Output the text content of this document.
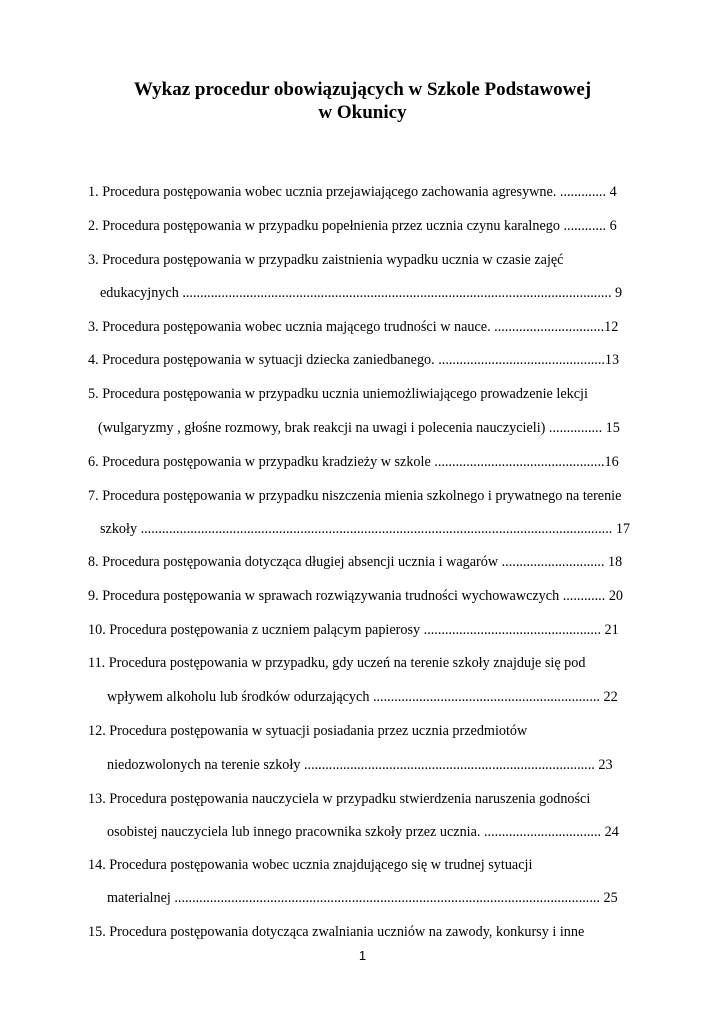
Wykaz procedur obowiązujących w Szkole Podstawowej
w Okunicy
1. Procedura postępowania wobec ucznia przejawiającego zachowania agresywne. ............. 4
2. Procedura postępowania w przypadku popełnienia przez ucznia czynu karalnego ............ 6
3. Procedura postępowania w przypadku zaistnienia wypadku ucznia w czasie zajęć
edukacyjnych ......................................................................................................................... 9
3. Procedura postępowania wobec ucznia mającego trudności w nauce. ...............................12
4. Procedura postępowania w sytuacji dziecka zaniedbanego. ...............................................13
5. Procedura postępowania w przypadku ucznia uniemożliwiającego prowadzenie lekcji
(wulgaryzmy , głośne rozmowy, brak reakcji na uwagi i polecenia nauczycieli) ............... 15
6. Procedura postępowania w przypadku kradzieży w szkole ................................................16
7. Procedura postępowania w przypadku niszczenia mienia szkolnego i prywatnego na terenie
szkoły ..................................................................................................................................... 17
8. Procedura postępowania dotycząca długiej absencji ucznia i wagarów ............................. 18
9. Procedura postępowania w sprawach rozwiązywania trudności wychowawczych ............ 20
10. Procedura postępowania z uczniem palącym papierosy .................................................. 21
11. Procedura postępowania w przypadku, gdy uczeń na terenie szkoły znajduje się pod
wpływem alkoholu lub środków odurzających ................................................................ 22
12. Procedura postępowania w sytuacji posiadania przez ucznia przedmiotów
niedozwolonych na terenie szkoły .................................................................................. 23
13. Procedura postępowania nauczyciela w przypadku stwierdzenia naruszenia godności
osobistej nauczyciela lub innego pracownika szkoły przez ucznia. ................................. 24
14. Procedura postępowania wobec ucznia znajdującego się w trudnej sytuacji
materialnej ........................................................................................................................ 25
15. Procedura postępowania dotycząca zwalniania uczniów na zawody, konkursy i inne
1
